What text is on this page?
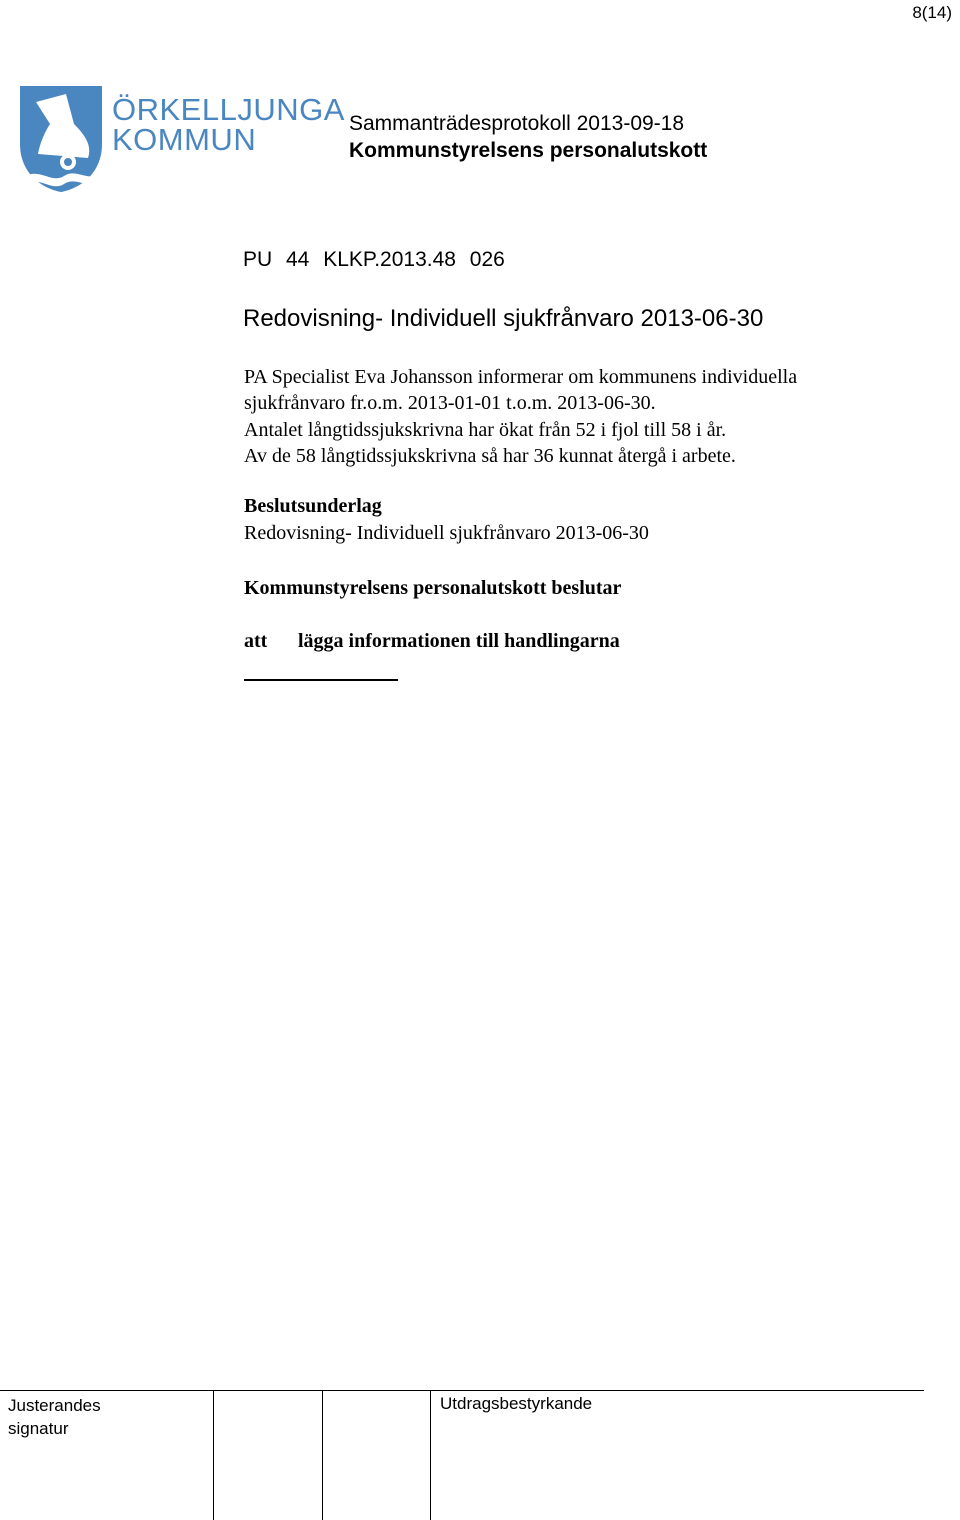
8(14)
ÖRKELLJUNGA
KOMMUN	Sammanträdesprotokoll 2013-09-18
Kommunstyrelsens personalutskott
PU 44 KLKP.2013.48 026
Redovisning- Individuell sjukfrånvaro 2013-06-30
PA Specialist Eva Johansson informerar om kommunens individuella
sjukfrånvaro fr.o.m. 2013-01-01 t.o.m. 2013-06-30.
Antalet långtidssjukskrivna har ökat från 52 i fjol till 58 i år.
Av de 58 långtidssjukskrivna så har 36 kunnat återgå i arbete.
Beslutsunderlag
Redovisning- Individuell sjukfrånvaro 2013-06-30
Kommunstyrelsens personalutskott beslutar
att lägga informationen till handlingarna
Justerandes
signatur
Utdragsbestyrkande
